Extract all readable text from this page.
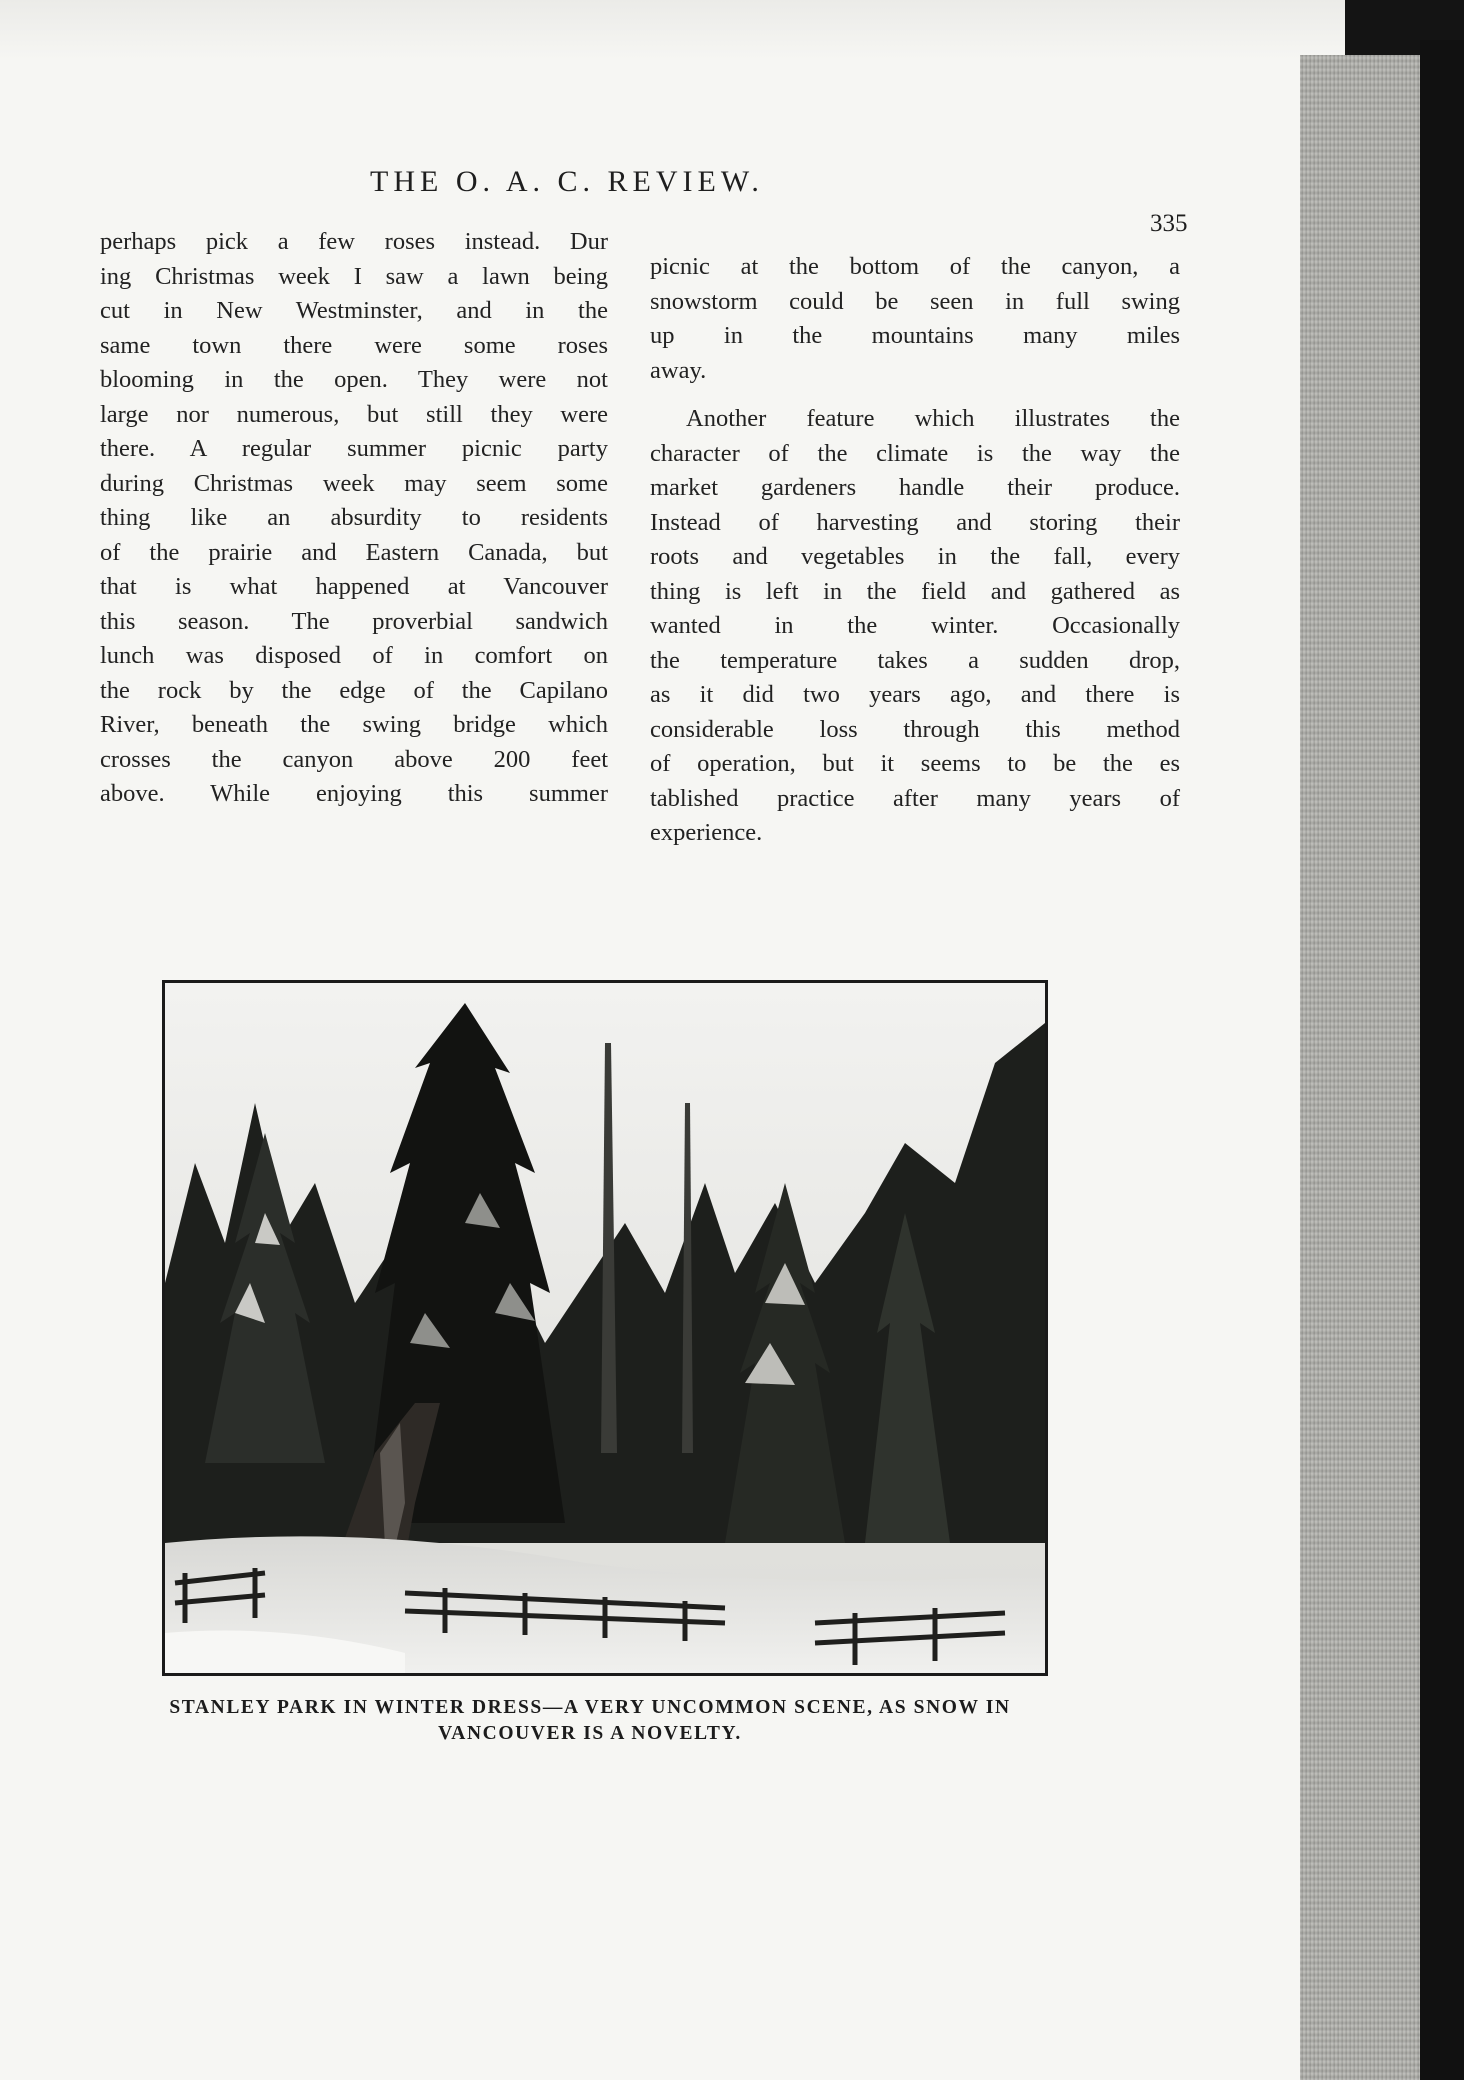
THE O. A. C. REVIEW.
335
perhaps pick a few roses instead. Dur
ing Christmas week I saw a lawn being
cut in New Westminster, and in the
same town there were some roses
blooming in the open. They were not
large nor numerous, but still they were
there. A regular summer picnic party
during Christmas week may seem some
thing like an absurdity to residents
of the prairie and Eastern Canada, but
that is what happened at Vancouver
this season. The proverbial sandwich
lunch was disposed of in comfort on
the rock by the edge of the Capilano
River, beneath the swing bridge which
crosses the canyon above 200 feet
above. While enjoying this summer
picnic at the bottom of the canyon, a
snowstorm could be seen in full swing
up in the mountains many miles
away.
Another feature which illustrates the
character of the climate is the way the
market gardeners handle their produce.
Instead of harvesting and storing their
roots and vegetables in the fall, every
thing is left in the field and gathered as
wanted in the winter. Occasionally
the temperature takes a sudden drop,
as it did two years ago, and there is
considerable loss through this method
of operation, but it seems to be the es
tablished practice after many years of
experience.
STANLEY PARK IN WINTER DRESS—A VERY UNCOMMON SCENE, AS SNOW IN
VANCOUVER IS A NOVELTY.
